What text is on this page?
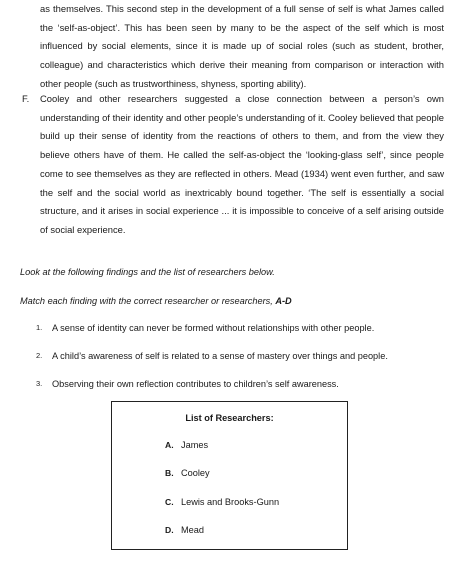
as themselves. This second step in the development of a full sense of self is what James called the ‘self-as-object’. This has been seen by many to be the aspect of the self which is most influenced by social elements, since it is made up of social roles (such as student, brother, colleague) and characteristics which derive their meaning from comparison or interaction with other people (such as trustworthiness, shyness, sporting ability).
F. Cooley and other researchers suggested a close connection between a person’s own understanding of their identity and other people’s understanding of it. Cooley believed that people build up their sense of identity from the reactions of others to them, and from the view they believe others have of them. He called the self-as-object the ‘looking-glass self’, since people come to see themselves as they are reflected in others. Mead (1934) went even further, and saw the self and the social world as inextricably bound together. ‘The self is essentially a social structure, and it arises in social experience ... it is impossible to conceive of a self arising outside of social experience.
Look at the following findings and the list of researchers below.
Match each finding with the correct researcher or researchers, A-D
1. A sense of identity can never be formed without relationships with other people.
2. A child’s awareness of self is related to a sense of mastery over things and people.
3. Observing their own reflection contributes to children’s self awareness.
List of Researchers:
A. James
B. Cooley
C. Lewis and Brooks-Gunn
D. Mead
